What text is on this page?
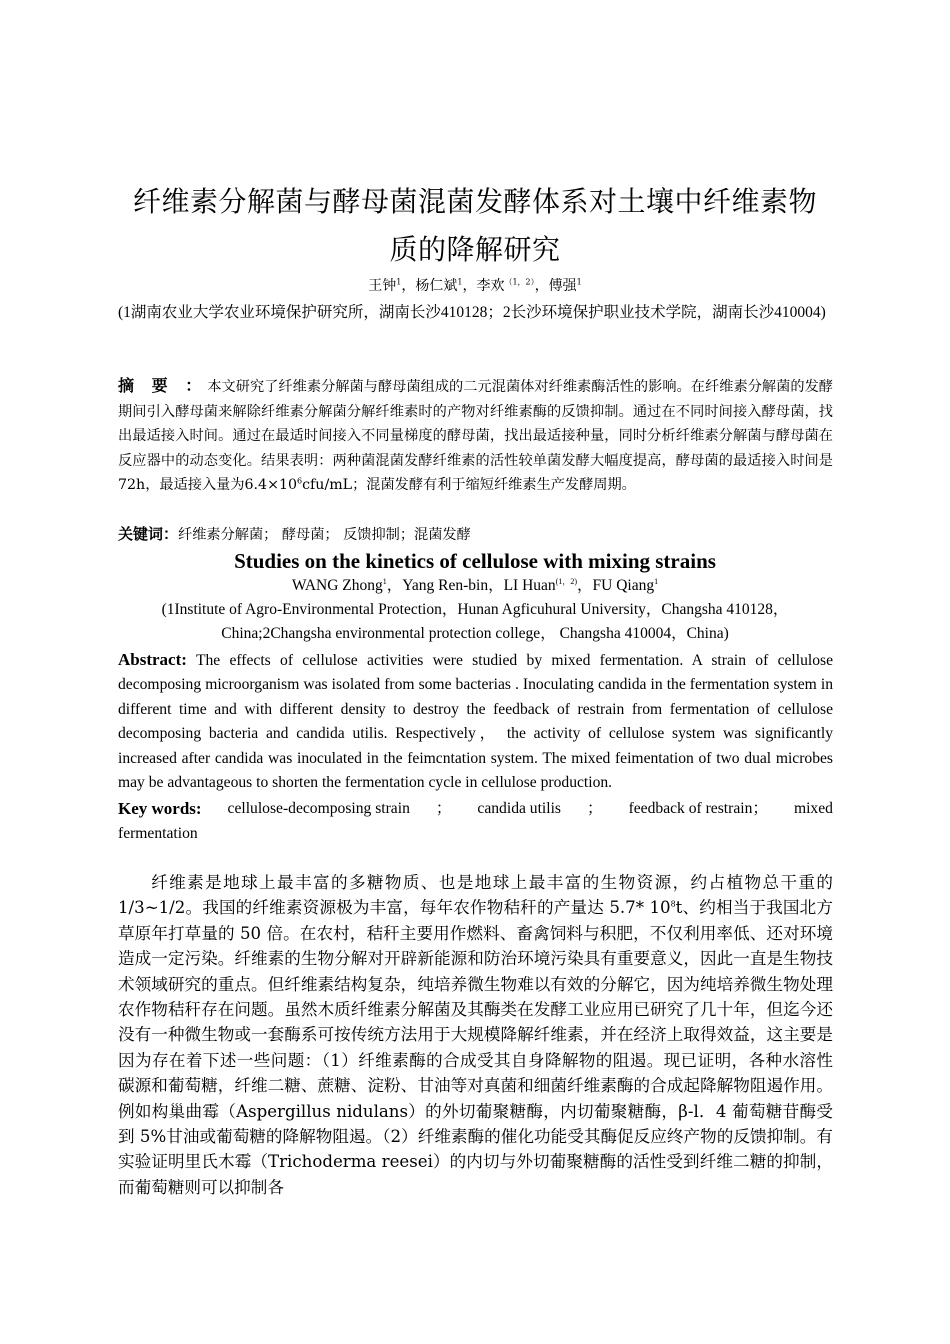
纤维素分解菌与酵母菌混菌发酵体系对土壤中纤维素物
质的降解研究
王钟$^1$，杨仁斌$^1$，李欢$^{(1,2)}$，傅强$^1$
(1湖南农业大学农业环境保护研究所，湖南长沙410128；2长沙环境保护职业技术学院，湖南长沙410004)
摘 要 ：本文研究了纤维素分解菌与酵母菌组成的二元混菌体对纤维素酶活性的影响。在纤维素分解菌的发酵期间引入酵母菌来解除纤维素分解菌分解纤维素时的产物对纤维素酶的反馈抑制。通过在不同时间接入酵母菌，找出最适接入时间。通过在最适时间接入不同量梯度的酵母菌，找出最适接种量，同时分析纤维素分解菌与酵母菌在反应器中的动态变化。结果表明：两种菌混菌发酵纤维素的活性较单菌发酵大幅度提高，酵母菌的最适接入时间是 72h，最适接入量为$6.4\times 10^6cfu/mL$；混菌发酵有利于缩短纤维素生产发酵周期。
关键词：纤维素分解菌； 酵母菌； 反馈抑制；混菌发酵
Studies on the kinetics of cellulose with mixing strains
WANG Zhong$^1$，Yang Ren-bin，LI Huan$^{(1,2)}$，FU Qiang$^1$
(1Institute of Agro-Environmental Protection，Hunan Agficuhural University，Changsha 410128，China;2Changsha environmental protection college， Changsha 410004，China)
Abstract: The effects of cellulose activities were studied by mixed fermentation. A strain of cellulose decomposing microorganism was isolated from some bacterias . Inoculating candida in the fermentation system in different time and with different density to destroy the feedback of restrain from fermentation of cellulose decomposing bacteria and candida utilis. Respectively， the activity of cellulose system was significantly increased after candida was inoculated in the feimcntation system. The mixed feimentation of two dual microbes may be advantageous to shorten the fermentation cycle in cellulose production.
Key words: cellulose-decomposing strain ； candida utilis ； feedback of restrain； mixed
fermentation
纤维素是地球上最丰富的多糖物质、也是地球上最丰富的生物资源，约占植物总干重的 1/3~1/2。我国的纤维素资源极为丰富，每年农作物秸秆的产量达 5.7* $10^8t$、约相当于我国北方草原年打草量的 50 倍。在农村，秸秆主要用作燃料、畜禽饲料与积肥，不仅利用率低、还对环境造成一定污染。纤维素的生物分解对开辟新能源和防治环境污染具有重要意义，因此一直是生物技术领域研究的重点。但纤维素结构复杂，纯培养微生物难以有效的分解它，因为纯培养微生物处理农作物秸秆存在问题。虽然木质纤维素分解菌及其酶类在发酵工业应用已研究了几十年，但迄今还没有一种微生物或一套酶系可按传统方法用于大规模降解纤维素，并在经济上取得效益，这主要是因为存在着下述一些问题：（1）纤维素酶的合成受其自身降解物的阻遏。现已证明，各种水溶性碳源和葡萄糖，纤维二糖、蔗糖、淀粉、甘油等对真菌和细菌纤维素酶的合成起降解物阻遏作用。例如构巢曲霉（Aspergillus nidulans）的外切葡聚糖酶，内切葡聚糖酶，β-l．4 葡萄糖苷酶受到 5%甘油或葡萄糖的降解物阻遏。（2）纤维素酶的催化功能受其酶促反应终产物的反馈抑制。有实验证明里氏木霉（Trichoderma reesei）的内切与外切葡聚糖酶的活性受到纤维二糖的抑制，而葡萄糖则可以抑制各
